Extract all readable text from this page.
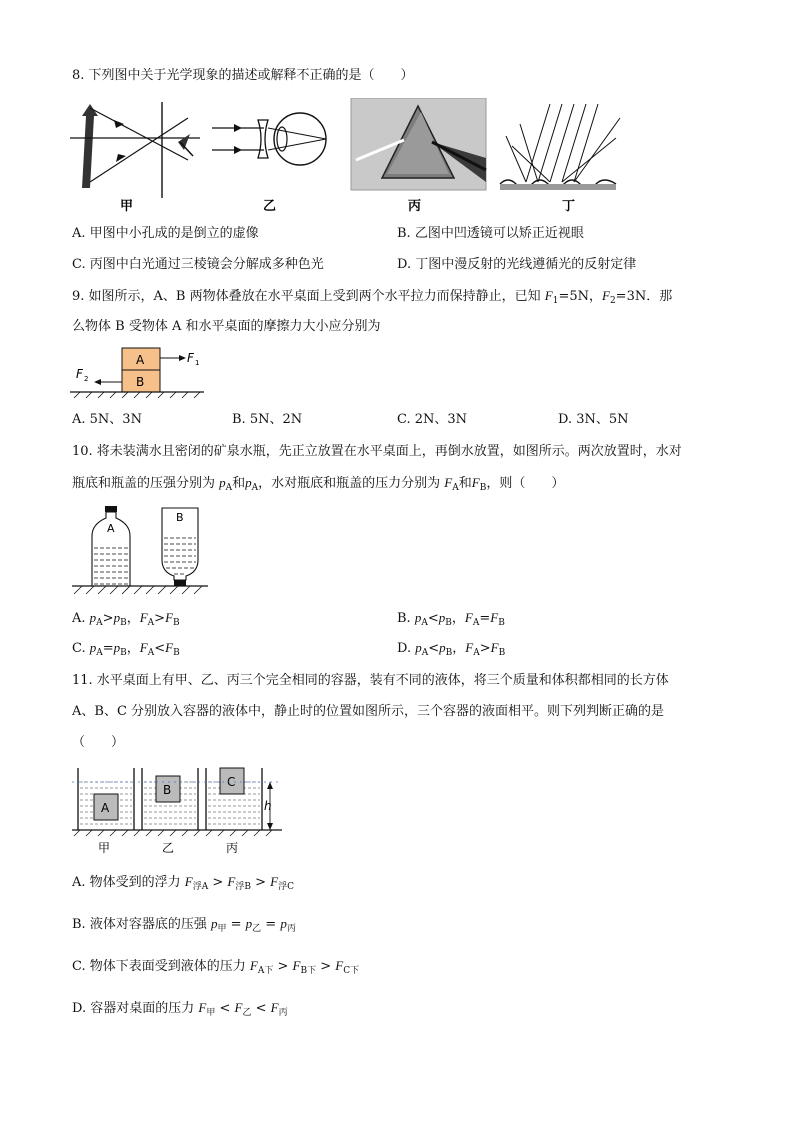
8. 下列图中关于光学现象的描述或解释不正确的是（　　）
甲	乙	丙	丁
A. 甲图中小孔成的是倒立的虚像	B. 乙图中凹透镜可以矫正近视眼
C. 丙图中白光通过三棱镜会分解成多种色光	D. 丁图中漫反射的光线遵循光的反射定律
9. 如图所示，A、B 两物体叠放在水平桌面上受到两个水平拉力而保持静止，已知 $F_1=5N$，$F_2=3N$．那
么物体 B 受物体 A 和水平桌面的摩擦力大小应分别为
A
B
F 1
F 2
A. 5N、3N	B. 5N、2N	C. 2N、3N	D. 3N、5N
10. 将未装满水且密闭的矿泉水瓶，先正立放置在水平桌面上，再倒水放置，如图所示。两次放置时，水对
瓶底和瓶盖的压强分别为 $p_A$和$p_A$，水对瓶底和瓶盖的压力分别为 $F_A$和$F_B$，则（　　）
A
B
A. $p_A>p_B$，$F_A>F_B$	B. $p_A<p_B$，$F_A=F_B$
C. $p_A=p_B$，$F_A<F_B$	D. $p_A<p_B$，$F_A>F_B$
11. 水平桌面上有甲、乙、丙三个完全相同的容器，装有不同的液体，将三个质量和体积都相同的长方体
A、B、C 分别放入容器的液体中，静止时的位置如图所示，三个容器的液面相平。则下列判断正确的是
（　　）
A
B
C
h
甲	乙	丙
A. 物体受到的浮力 $F_{浮A} > F_{浮B} > F_{浮C}$
B. 液体对容器底的压强 $p_甲 = p_乙 = p_丙$
C. 物体下表面受到液体的压力 $F_{A下} > F_{B下} > F_{C下}$
D. 容器对桌面的压力 $F_甲 < F_乙 < F_丙$
